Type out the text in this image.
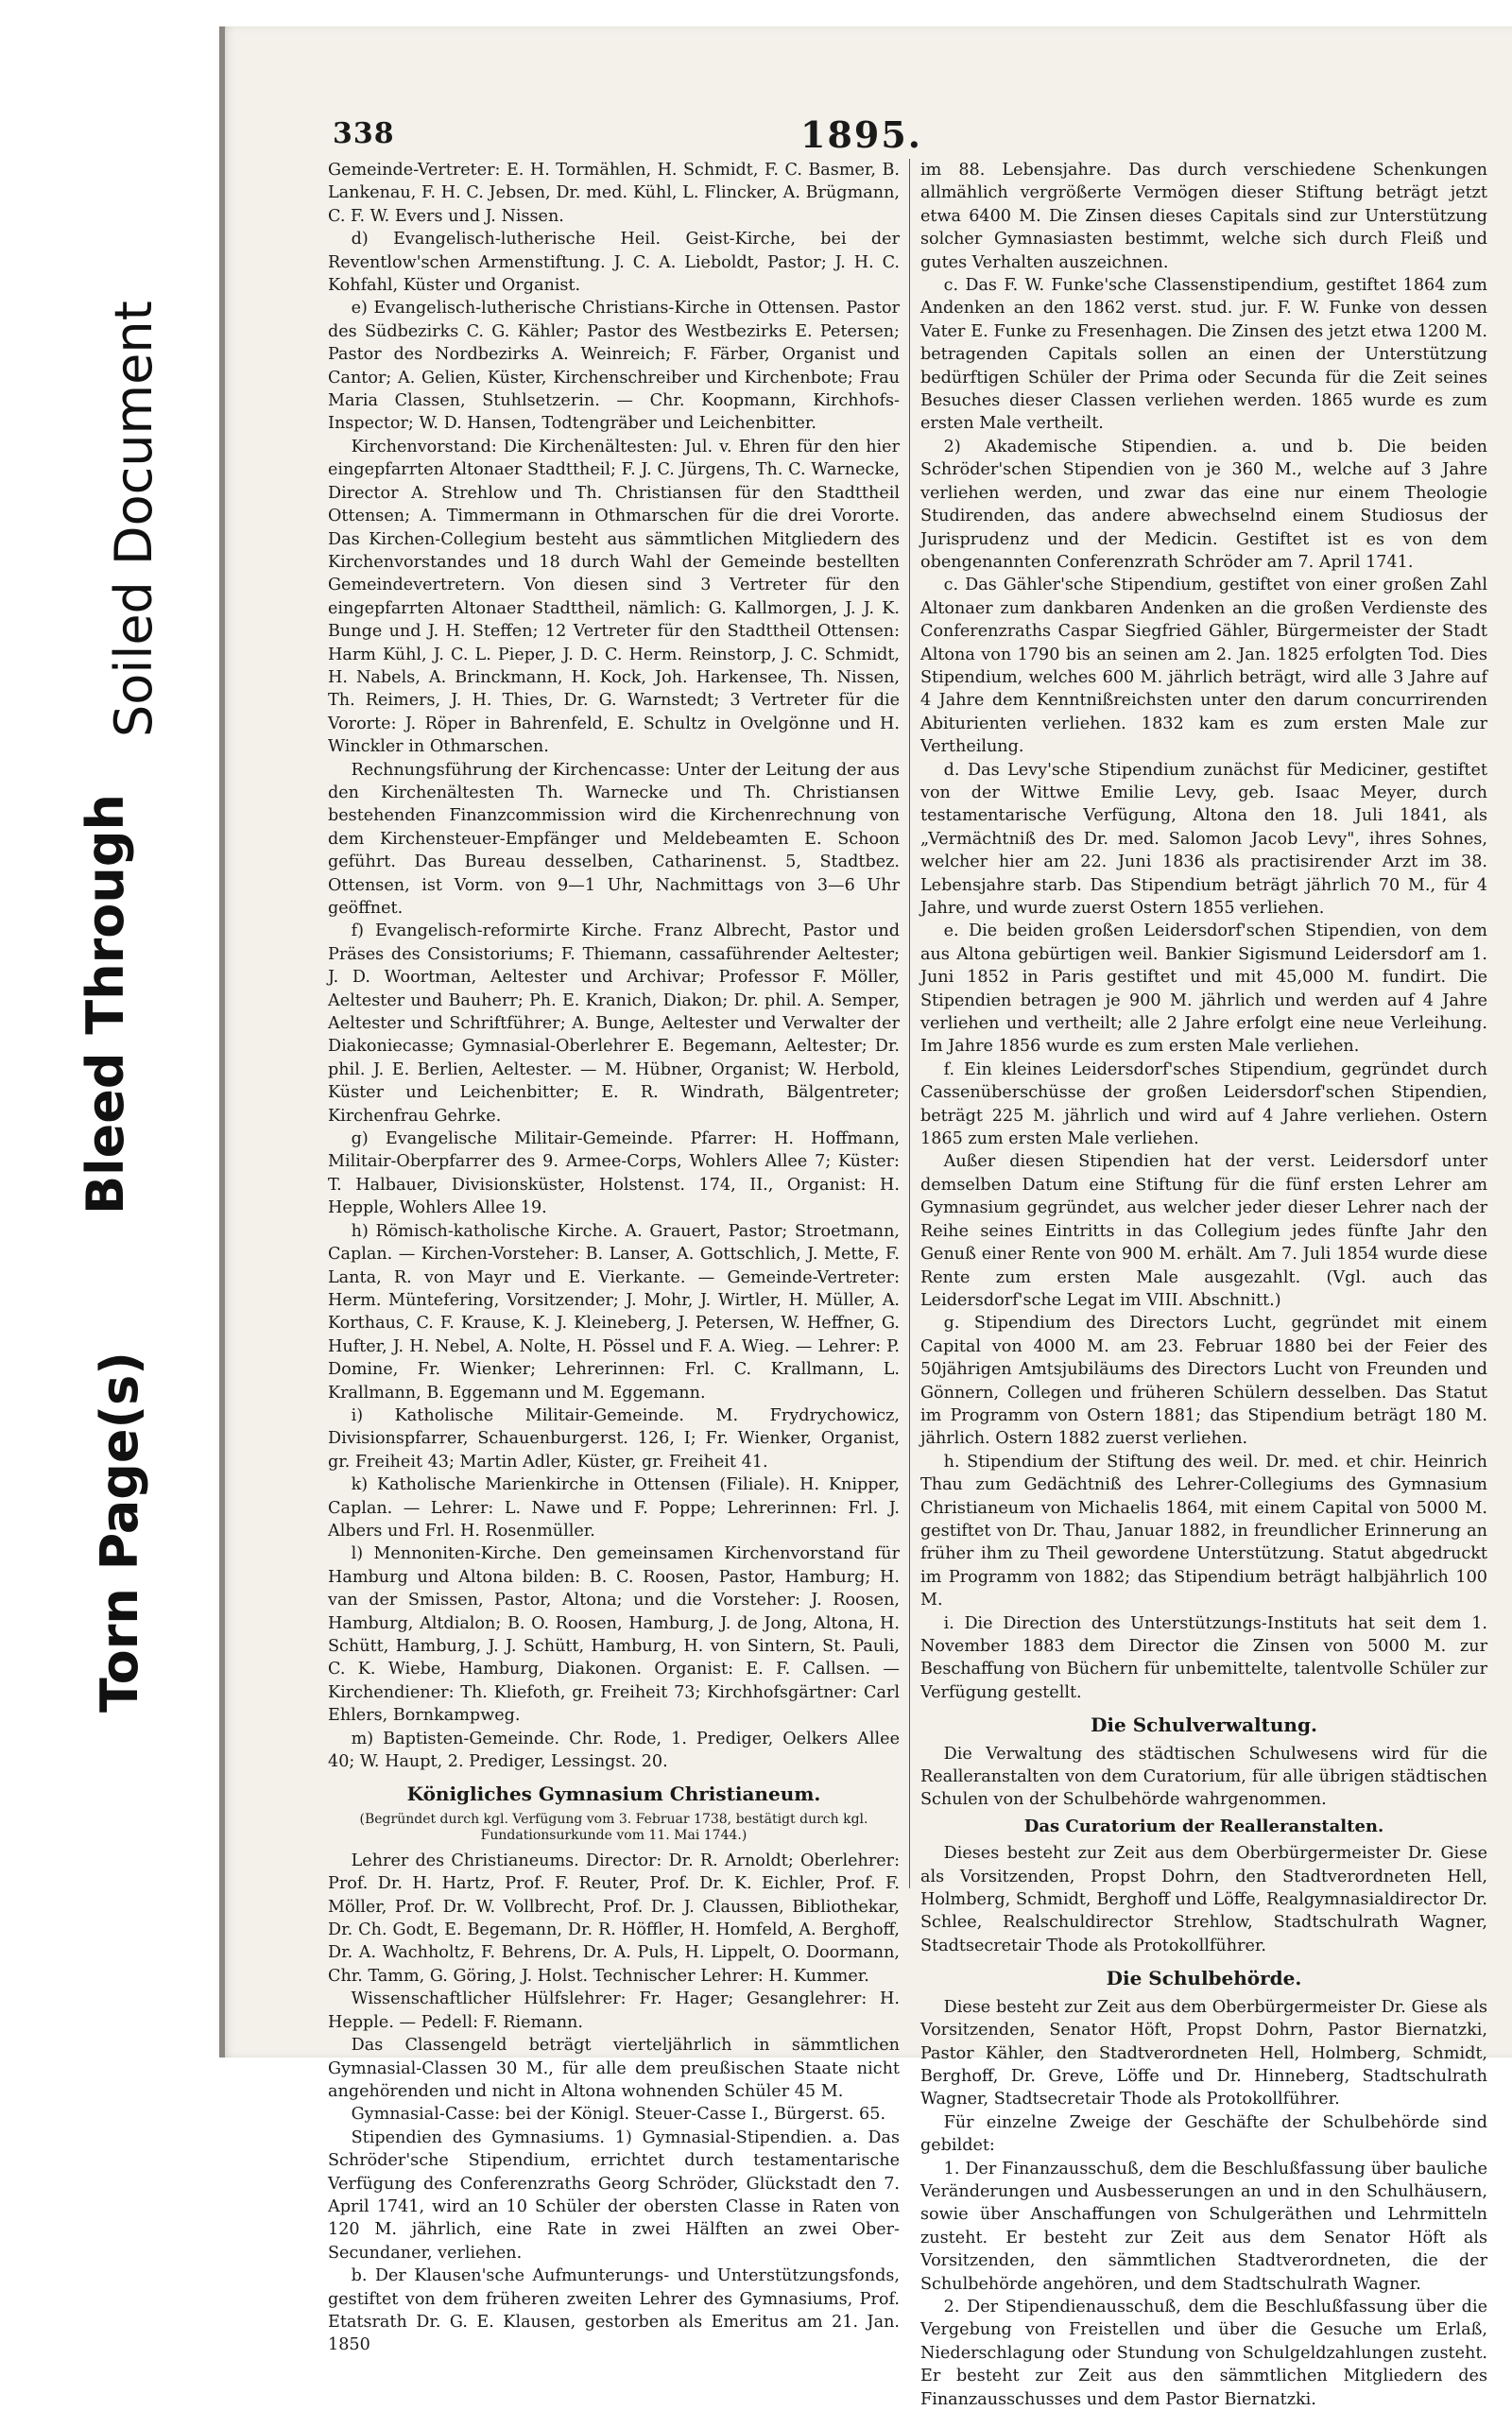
Torn Page(s)
Bleed Through
Soiled Document
338	1895.

Gemeinde-Vertreter: E. H. Tormählen, H. Schmidt, F. C. Basmer, B. Lankenau, F. H. C. Jebsen, Dr. med. Kühl, L. Flincker, A. Brügmann, C. F. W. Evers und J. Nissen.

d) Evangelisch-lutherische Heil. Geist-Kirche, bei der Reventlow'schen Armenstiftung. J. C. A. Lieboldt, Pastor; J. H. C. Kohfahl, Küster und Organist.

e) Evangelisch-lutherische Christians-Kirche in Ottensen. Pastor des Südbezirks C. G. Kähler; Pastor des Westbezirks E. Petersen; Pastor des Nordbezirks A. Weinreich; F. Färber, Organist und Cantor; A. Gelien, Küster, Kirchenschreiber und Kirchenbote; Frau Maria Classen, Stuhlsetzerin. — Chr. Koopmann, Kirchhofs-Inspector; W. D. Hansen, Todtengräber und Leichenbitter.

Kirchenvorstand: Die Kirchenältesten: Jul. v. Ehren für den hier eingepfarrten Altonaer Stadttheil; F. J. C. Jürgens, Th. C. Warnecke, Director A. Strehlow und Th. Christiansen für den Stadttheil Ottensen; A. Timmermann in Othmarschen für die drei Vororte. Das Kirchen-Collegium besteht aus sämmtlichen Mitgliedern des Kirchenvorstandes und 18 durch Wahl der Gemeinde bestellten Gemeindevertretern. Von diesen sind 3 Vertreter für den eingepfarrten Altonaer Stadttheil, nämlich: G. Kallmorgen, J. J. K. Bunge und J. H. Steffen; 12 Vertreter für den Stadttheil Ottensen: Harm Kühl, J. C. L. Pieper, J. D. C. Herm. Reinstorp, J. C. Schmidt, H. Nabels, A. Brinckmann, H. Kock, Joh. Harkensee, Th. Nissen, Th. Reimers, J. H. Thies, Dr. G. Warnstedt; 3 Vertreter für die Vororte: J. Röper in Bahrenfeld, E. Schultz in Ovelgönne und H. Winckler in Othmarschen.

Rechnungsführung der Kirchencasse: Unter der Leitung der aus den Kirchenältesten Th. Warnecke und Th. Christiansen bestehenden Finanzcommission wird die Kirchenrechnung von dem Kirchensteuer-Empfänger und Meldebeamten E. Schoon geführt. Das Bureau desselben, Catharinenst. 5, Stadtbez. Ottensen, ist Vorm. von 9—1 Uhr, Nachmittags von 3—6 Uhr geöffnet.

f) Evangelisch-reformirte Kirche. Franz Albrecht, Pastor und Präses des Consistoriums; F. Thiemann, cassaführender Aeltester; J. D. Woortman, Aeltester und Archivar; Professor F. Möller, Aeltester und Bauherr; Ph. E. Kranich, Diakon; Dr. phil. A. Semper, Aeltester und Schriftführer; A. Bunge, Aeltester und Verwalter der Diakoniecasse; Gymnasial-Oberlehrer E. Begemann, Aeltester; Dr. phil. J. E. Berlien, Aeltester. — M. Hübner, Organist; W. Herbold, Küster und Leichenbitter; E. R. Windrath, Bälgentreter; Kirchenfrau Gehrke.

g) Evangelische Militair-Gemeinde. Pfarrer: H. Hoffmann, Militair-Oberpfarrer des 9. Armee-Corps, Wohlers Allee 7; Küster: T. Halbauer, Divisionsküster, Holstenst. 174, II., Organist: H. Hepple, Wohlers Allee 19.

h) Römisch-katholische Kirche. A. Grauert, Pastor; Stroetmann, Caplan. — Kirchen-Vorsteher: B. Lanser, A. Gottschlich, J. Mette, F. Lanta, R. von Mayr und E. Vierkante. — Gemeinde-Vertreter: Herm. Müntefering, Vorsitzender; J. Mohr, J. Wirtler, H. Müller, A. Korthaus, C. F. Krause, K. J. Kleineberg, J. Petersen, W. Heffner, G. Hufter, J. H. Nebel, A. Nolte, H. Pössel und F. A. Wieg. — Lehrer: P. Domine, Fr. Wienker; Lehrerinnen: Frl. C. Krallmann, L. Krallmann, B. Eggemann und M. Eggemann.

i) Katholische Militair-Gemeinde. M. Frydrychowicz, Divisionspfarrer, Schauenburgerst. 126, I; Fr. Wienker, Organist, gr. Freiheit 43; Martin Adler, Küster, gr. Freiheit 41.

k) Katholische Marienkirche in Ottensen (Filiale). H. Knipper, Caplan. — Lehrer: L. Nawe und F. Poppe; Lehrerinnen: Frl. J. Albers und Frl. H. Rosenmüller.

l) Mennoniten-Kirche. Den gemeinsamen Kirchenvorstand für Hamburg und Altona bilden: B. C. Roosen, Pastor, Hamburg; H. van der Smissen, Pastor, Altona; und die Vorsteher: J. Roosen, Hamburg, Altdialon; B. O. Roosen, Hamburg, J. de Jong, Altona, H. Schütt, Hamburg, J. J. Schütt, Hamburg, H. von Sintern, St. Pauli, C. K. Wiebe, Hamburg, Diakonen. Organist: E. F. Callsen. — Kirchendiener: Th. Kliefoth, gr. Freiheit 73; Kirchhofsgärtner: Carl Ehlers, Bornkampweg.

m) Baptisten-Gemeinde. Chr. Rode, 1. Prediger, Oelkers Allee 40; W. Haupt, 2. Prediger, Lessingst. 20.

Königliches Gymnasium Christianeum.
(Begründet durch kgl. Verfügung vom 3. Februar 1738, bestätigt durch kgl. Fundationsurkunde vom 11. Mai 1744.)

Lehrer des Christianeums. Director: Dr. R. Arnoldt; Oberlehrer: Prof. Dr. H. Hartz, Prof. F. Reuter, Prof. Dr. K. Eichler, Prof. F. Möller, Prof. Dr. W. Vollbrecht, Prof. Dr. J. Claussen, Bibliothekar, Dr. Ch. Godt, E. Begemann, Dr. R. Höffler, H. Homfeld, A. Berghoff, Dr. A. Wachholtz, F. Behrens, Dr. A. Puls, H. Lippelt, O. Doormann, Chr. Tamm, G. Göring, J. Holst. Technischer Lehrer: H. Kummer.

Wissenschaftlicher Hülfslehrer: Fr. Hager; Gesanglehrer: H. Hepple. — Pedell: F. Riemann.

Das Classengeld beträgt vierteljährlich in sämmtlichen Gymnasial-Classen 30 M., für alle dem preußischen Staate nicht angehörenden und nicht in Altona wohnenden Schüler 45 M.

Gymnasial-Casse: bei der Königl. Steuer-Casse I., Bürgerst. 65.

Stipendien des Gymnasiums. 1) Gymnasial-Stipendien. a. Das Schröder'sche Stipendium, errichtet durch testamentarische Verfügung des Conferenzraths Georg Schröder, Glückstadt den 7. April 1741, wird an 10 Schüler der obersten Classe in Raten von 120 M. jährlich, eine Rate in zwei Hälften an zwei Ober-Secundaner, verliehen.

b. Der Klausen'sche Aufmunterungs- und Unterstützungsfonds, gestiftet von dem früheren zweiten Lehrer des Gymnasiums, Prof. Etatsrath Dr. G. E. Klausen, gestorben als Emeritus am 21. Jan. 1850

im 88. Lebensjahre. Das durch verschiedene Schenkungen allmählich vergrößerte Vermögen dieser Stiftung beträgt jetzt etwa 6400 M. Die Zinsen dieses Capitals sind zur Unterstützung solcher Gymnasiasten bestimmt, welche sich durch Fleiß und gutes Verhalten auszeichnen.

c. Das F. W. Funke'sche Classenstipendium, gestiftet 1864 zum Andenken an den 1862 verst. stud. jur. F. W. Funke von dessen Vater E. Funke zu Fresenhagen. Die Zinsen des jetzt etwa 1200 M. betragenden Capitals sollen an einen der Unterstützung bedürftigen Schüler der Prima oder Secunda für die Zeit seines Besuches dieser Classen verliehen werden. 1865 wurde es zum ersten Male vertheilt.

2) Akademische Stipendien. a. und b. Die beiden Schröder'schen Stipendien von je 360 M., welche auf 3 Jahre verliehen werden, und zwar das eine nur einem Theologie Studirenden, das andere abwechselnd einem Studiosus der Jurisprudenz und der Medicin. Gestiftet ist es von dem obengenannten Conferenzrath Schröder am 7. April 1741.

c. Das Gähler'sche Stipendium, gestiftet von einer großen Zahl Altonaer zum dankbaren Andenken an die großen Verdienste des Conferenzraths Caspar Siegfried Gähler, Bürgermeister der Stadt Altona von 1790 bis an seinen am 2. Jan. 1825 erfolgten Tod. Dies Stipendium, welches 600 M. jährlich beträgt, wird alle 3 Jahre auf 4 Jahre dem Kenntnißreichsten unter den darum concurrirenden Abiturienten verliehen. 1832 kam es zum ersten Male zur Vertheilung.

d. Das Levy'sche Stipendium zunächst für Mediciner, gestiftet von der Wittwe Emilie Levy, geb. Isaac Meyer, durch testamentarische Verfügung, Altona den 18. Juli 1841, als „Vermächtniß des Dr. med. Salomon Jacob Levy", ihres Sohnes, welcher hier am 22. Juni 1836 als practisirender Arzt im 38. Lebensjahre starb. Das Stipendium beträgt jährlich 70 M., für 4 Jahre, und wurde zuerst Ostern 1855 verliehen.

e. Die beiden großen Leidersdorf'schen Stipendien, von dem aus Altona gebürtigen weil. Bankier Sigismund Leidersdorf am 1. Juni 1852 in Paris gestiftet und mit 45,000 M. fundirt. Die Stipendien betragen je 900 M. jährlich und werden auf 4 Jahre verliehen und vertheilt; alle 2 Jahre erfolgt eine neue Verleihung. Im Jahre 1856 wurde es zum ersten Male verliehen.

f. Ein kleines Leidersdorf'sches Stipendium, gegründet durch Cassenüberschüsse der großen Leidersdorf'schen Stipendien, beträgt 225 M. jährlich und wird auf 4 Jahre verliehen. Ostern 1865 zum ersten Male verliehen.

Außer diesen Stipendien hat der verst. Leidersdorf unter demselben Datum eine Stiftung für die fünf ersten Lehrer am Gymnasium gegründet, aus welcher jeder dieser Lehrer nach der Reihe seines Eintritts in das Collegium jedes fünfte Jahr den Genuß einer Rente von 900 M. erhält. Am 7. Juli 1854 wurde diese Rente zum ersten Male ausgezahlt. (Vgl. auch das Leidersdorf'sche Legat im VIII. Abschnitt.)

g. Stipendium des Directors Lucht, gegründet mit einem Capital von 4000 M. am 23. Februar 1880 bei der Feier des 50jährigen Amtsjubiläums des Directors Lucht von Freunden und Gönnern, Collegen und früheren Schülern desselben. Das Statut im Programm von Ostern 1881; das Stipendium beträgt 180 M. jährlich. Ostern 1882 zuerst verliehen.

h. Stipendium der Stiftung des weil. Dr. med. et chir. Heinrich Thau zum Gedächtniß des Lehrer-Collegiums des Gymnasium Christianeum von Michaelis 1864, mit einem Capital von 5000 M. gestiftet von Dr. Thau, Januar 1882, in freundlicher Erinnerung an früher ihm zu Theil gewordene Unterstützung. Statut abgedruckt im Programm von 1882; das Stipendium beträgt halbjährlich 100 M.

i. Die Direction des Unterstützungs-Instituts hat seit dem 1. November 1883 dem Director die Zinsen von 5000 M. zur Beschaffung von Büchern für unbemittelte, talentvolle Schüler zur Verfügung gestellt.

Die Schulverwaltung.

Die Verwaltung des städtischen Schulwesens wird für die Realleranstalten von dem Curatorium, für alle übrigen städtischen Schulen von der Schulbehörde wahrgenommen.

Das Curatorium der Realleranstalten.

Dieses besteht zur Zeit aus dem Oberbürgermeister Dr. Giese als Vorsitzenden, Propst Dohrn, den Stadtverordneten Hell, Holmberg, Schmidt, Berghoff und Löffe, Realgymnasialdirector Dr. Schlee, Realschuldirector Strehlow, Stadtschulrath Wagner, Stadtsecretair Thode als Protokollführer.

Die Schulbehörde.

Diese besteht zur Zeit aus dem Oberbürgermeister Dr. Giese als Vorsitzenden, Senator Höft, Propst Dohrn, Pastor Biernatzki, Pastor Kähler, den Stadtverordneten Hell, Holmberg, Schmidt, Berghoff, Dr. Greve, Löffe und Dr. Hinneberg, Stadtschulrath Wagner, Stadtsecretair Thode als Protokollführer.

Für einzelne Zweige der Geschäfte der Schulbehörde sind gebildet:

1. Der Finanzausschuß, dem die Beschlußfassung über bauliche Veränderungen und Ausbesserungen an und in den Schulhäusern, sowie über Anschaffungen von Schulgeräthen und Lehrmitteln zusteht. Er besteht zur Zeit aus dem Senator Höft als Vorsitzenden, den sämmtlichen Stadtverordneten, die der Schulbehörde angehören, und dem Stadtschulrath Wagner.

2. Der Stipendienausschuß, dem die Beschlußfassung über die Vergebung von Freistellen und über die Gesuche um Erlaß, Niederschlagung oder Stundung von Schulgeldzahlungen zusteht. Er besteht zur Zeit aus den sämmtlichen Mitgliedern des Finanzausschusses und dem Pastor Biernatzki.
